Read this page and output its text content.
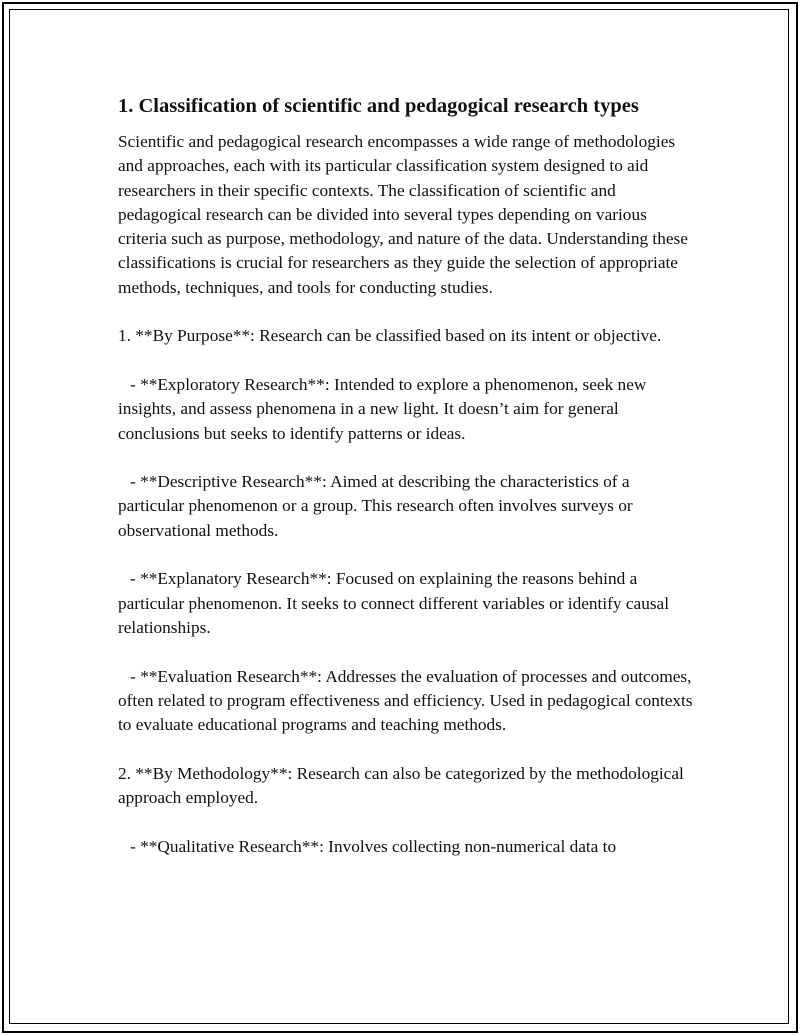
1. Classification of scientific and pedagogical research types

Scientific and pedagogical research encompasses a wide range of methodologies and approaches, each with its particular classification system designed to aid researchers in their specific contexts. The classification of scientific and pedagogical research can be divided into several types depending on various criteria such as purpose, methodology, and nature of the data. Understanding these classifications is crucial for researchers as they guide the selection of appropriate methods, techniques, and tools for conducting studies.

1. **By Purpose**: Research can be classified based on its intent or objective.

- **Exploratory Research**: Intended to explore a phenomenon, seek new insights, and assess phenomena in a new light. It doesn’t aim for general conclusions but seeks to identify patterns or ideas.

- **Descriptive Research**: Aimed at describing the characteristics of a particular phenomenon or a group. This research often involves surveys or observational methods.

- **Explanatory Research**: Focused on explaining the reasons behind a particular phenomenon. It seeks to connect different variables or identify causal relationships.

- **Evaluation Research**: Addresses the evaluation of processes and outcomes, often related to program effectiveness and efficiency. Used in pedagogical contexts to evaluate educational programs and teaching methods.

2. **By Methodology**: Research can also be categorized by the methodological approach employed.

- **Qualitative Research**: Involves collecting non-numerical data to
